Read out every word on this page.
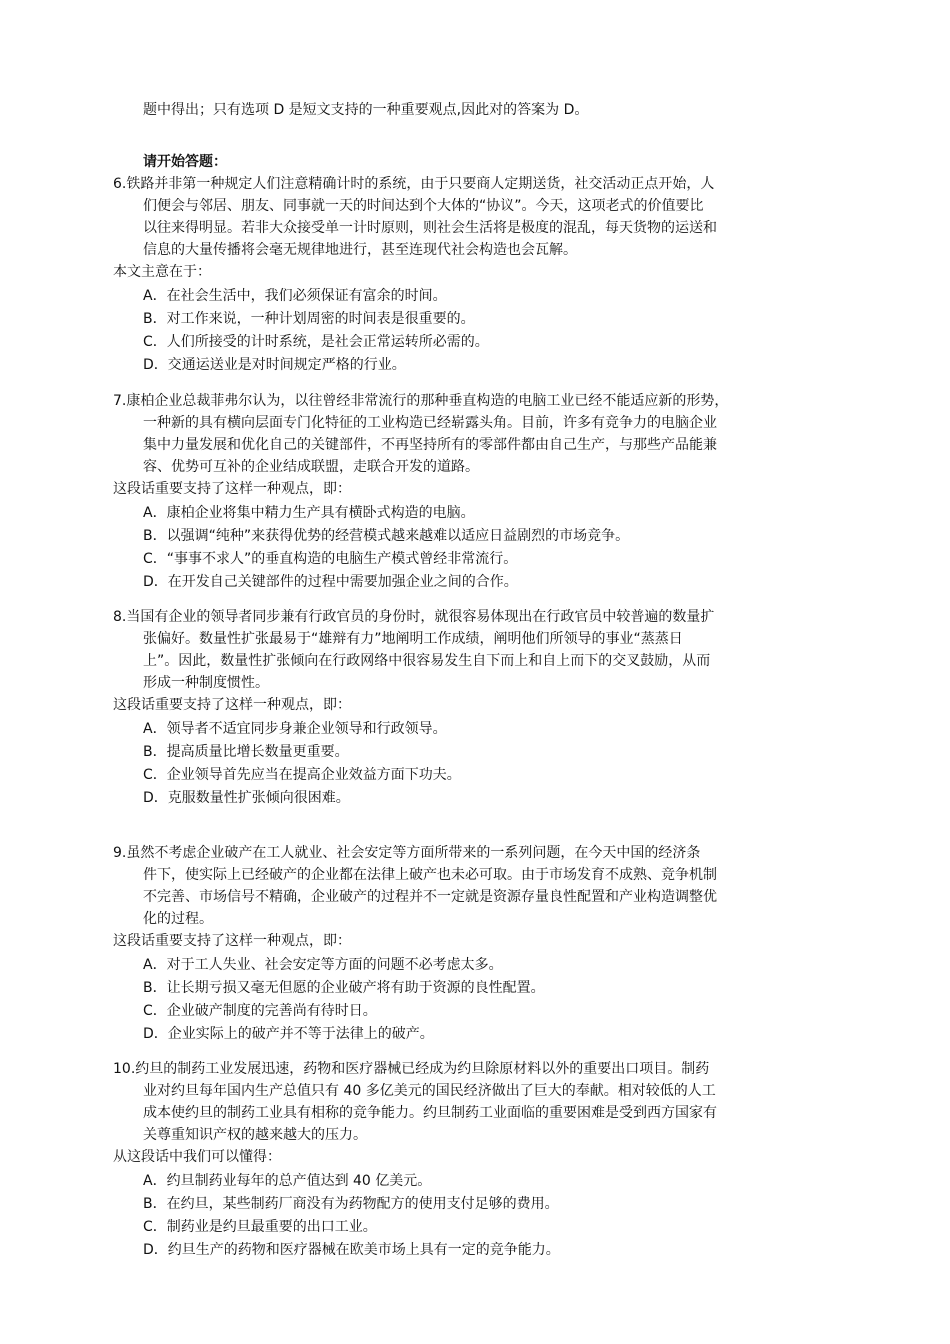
题中得出；只有选项 D 是短文支持的一种重要观点,因此对的答案为 D。
请开始答题：
6.铁路并非第一种规定人们注意精确计时的系统，由于只要商人定期送货，社交活动正点开始，人
们便会与邻居、朋友、同事就一天的时间达到个大体的“协议”。今天，这项老式的价值要比
以往来得明显。若非大众接受单一计时原则，则社会生活将是极度的混乱，每天货物的运送和
信息的大量传播将会毫无规律地进行，甚至连现代社会构造也会瓦解。
本文主意在于：
A．在社会生活中，我们必须保证有富余的时间。
B．对工作来说，一种计划周密的时间表是很重要的。
C．人们所接受的计时系统，是社会正常运转所必需的。
D．交通运送业是对时间规定严格的行业。
7.康柏企业总裁菲弗尔认为，以往曾经非常流行的那种垂直构造的电脑工业已经不能适应新的形势，
一种新的具有横向层面专门化特征的工业构造已经崭露头角。目前，许多有竞争力的电脑企业
集中力量发展和优化自己的关键部件，不再坚持所有的零部件都由自己生产，与那些产品能兼
容、优势可互补的企业结成联盟，走联合开发的道路。
这段话重要支持了这样一种观点，即：
A．康柏企业将集中精力生产具有横卧式构造的电脑。
B．以强调“纯种”来获得优势的经营模式越来越难以适应日益剧烈的市场竞争。
C．“事事不求人”的垂直构造的电脑生产模式曾经非常流行。
D．在开发自己关键部件的过程中需要加强企业之间的合作。
8.当国有企业的领导者同步兼有行政官员的身份时，就很容易体现出在行政官员中较普遍的数量扩
张偏好。数量性扩张最易于“雄辩有力”地阐明工作成绩，阐明他们所领导的事业“蒸蒸日
上”。因此，数量性扩张倾向在行政网络中很容易发生自下而上和自上而下的交叉鼓励，从而
形成一种制度惯性。
这段话重要支持了这样一种观点，即：
A．领导者不适宜同步身兼企业领导和行政领导。
B．提高质量比增长数量更重要。
C．企业领导首先应当在提高企业效益方面下功夫。
D．克服数量性扩张倾向很困难。
9.虽然不考虑企业破产在工人就业、社会安定等方面所带来的一系列问题，在今天中国的经济条
件下，使实际上已经破产的企业都在法律上破产也未必可取。由于市场发育不成熟、竞争机制
不完善、市场信号不精确，企业破产的过程并不一定就是资源存量良性配置和产业构造调整优
化的过程。
这段话重要支持了这样一种观点，即：
A．对于工人失业、社会安定等方面的问题不必考虑太多。
B．让长期亏损又毫无但愿的企业破产将有助于资源的良性配置。
C．企业破产制度的完善尚有待时日。
D．企业实际上的破产并不等于法律上的破产。
10.约旦的制药工业发展迅速，药物和医疗器械已经成为约旦除原材料以外的重要出口项目。制药
业对约旦每年国内生产总值只有 40 多亿美元的国民经济做出了巨大的奉献。相对较低的人工
成本使约旦的制药工业具有相称的竞争能力。约旦制药工业面临的重要困难是受到西方国家有
关尊重知识产权的越来越大的压力。
从这段话中我们可以懂得：
A．约旦制药业每年的总产值达到 40 亿美元。
B．在约旦，某些制药厂商没有为药物配方的使用支付足够的费用。
C．制药业是约旦最重要的出口工业。
D．约旦生产的药物和医疗器械在欧美市场上具有一定的竞争能力。
